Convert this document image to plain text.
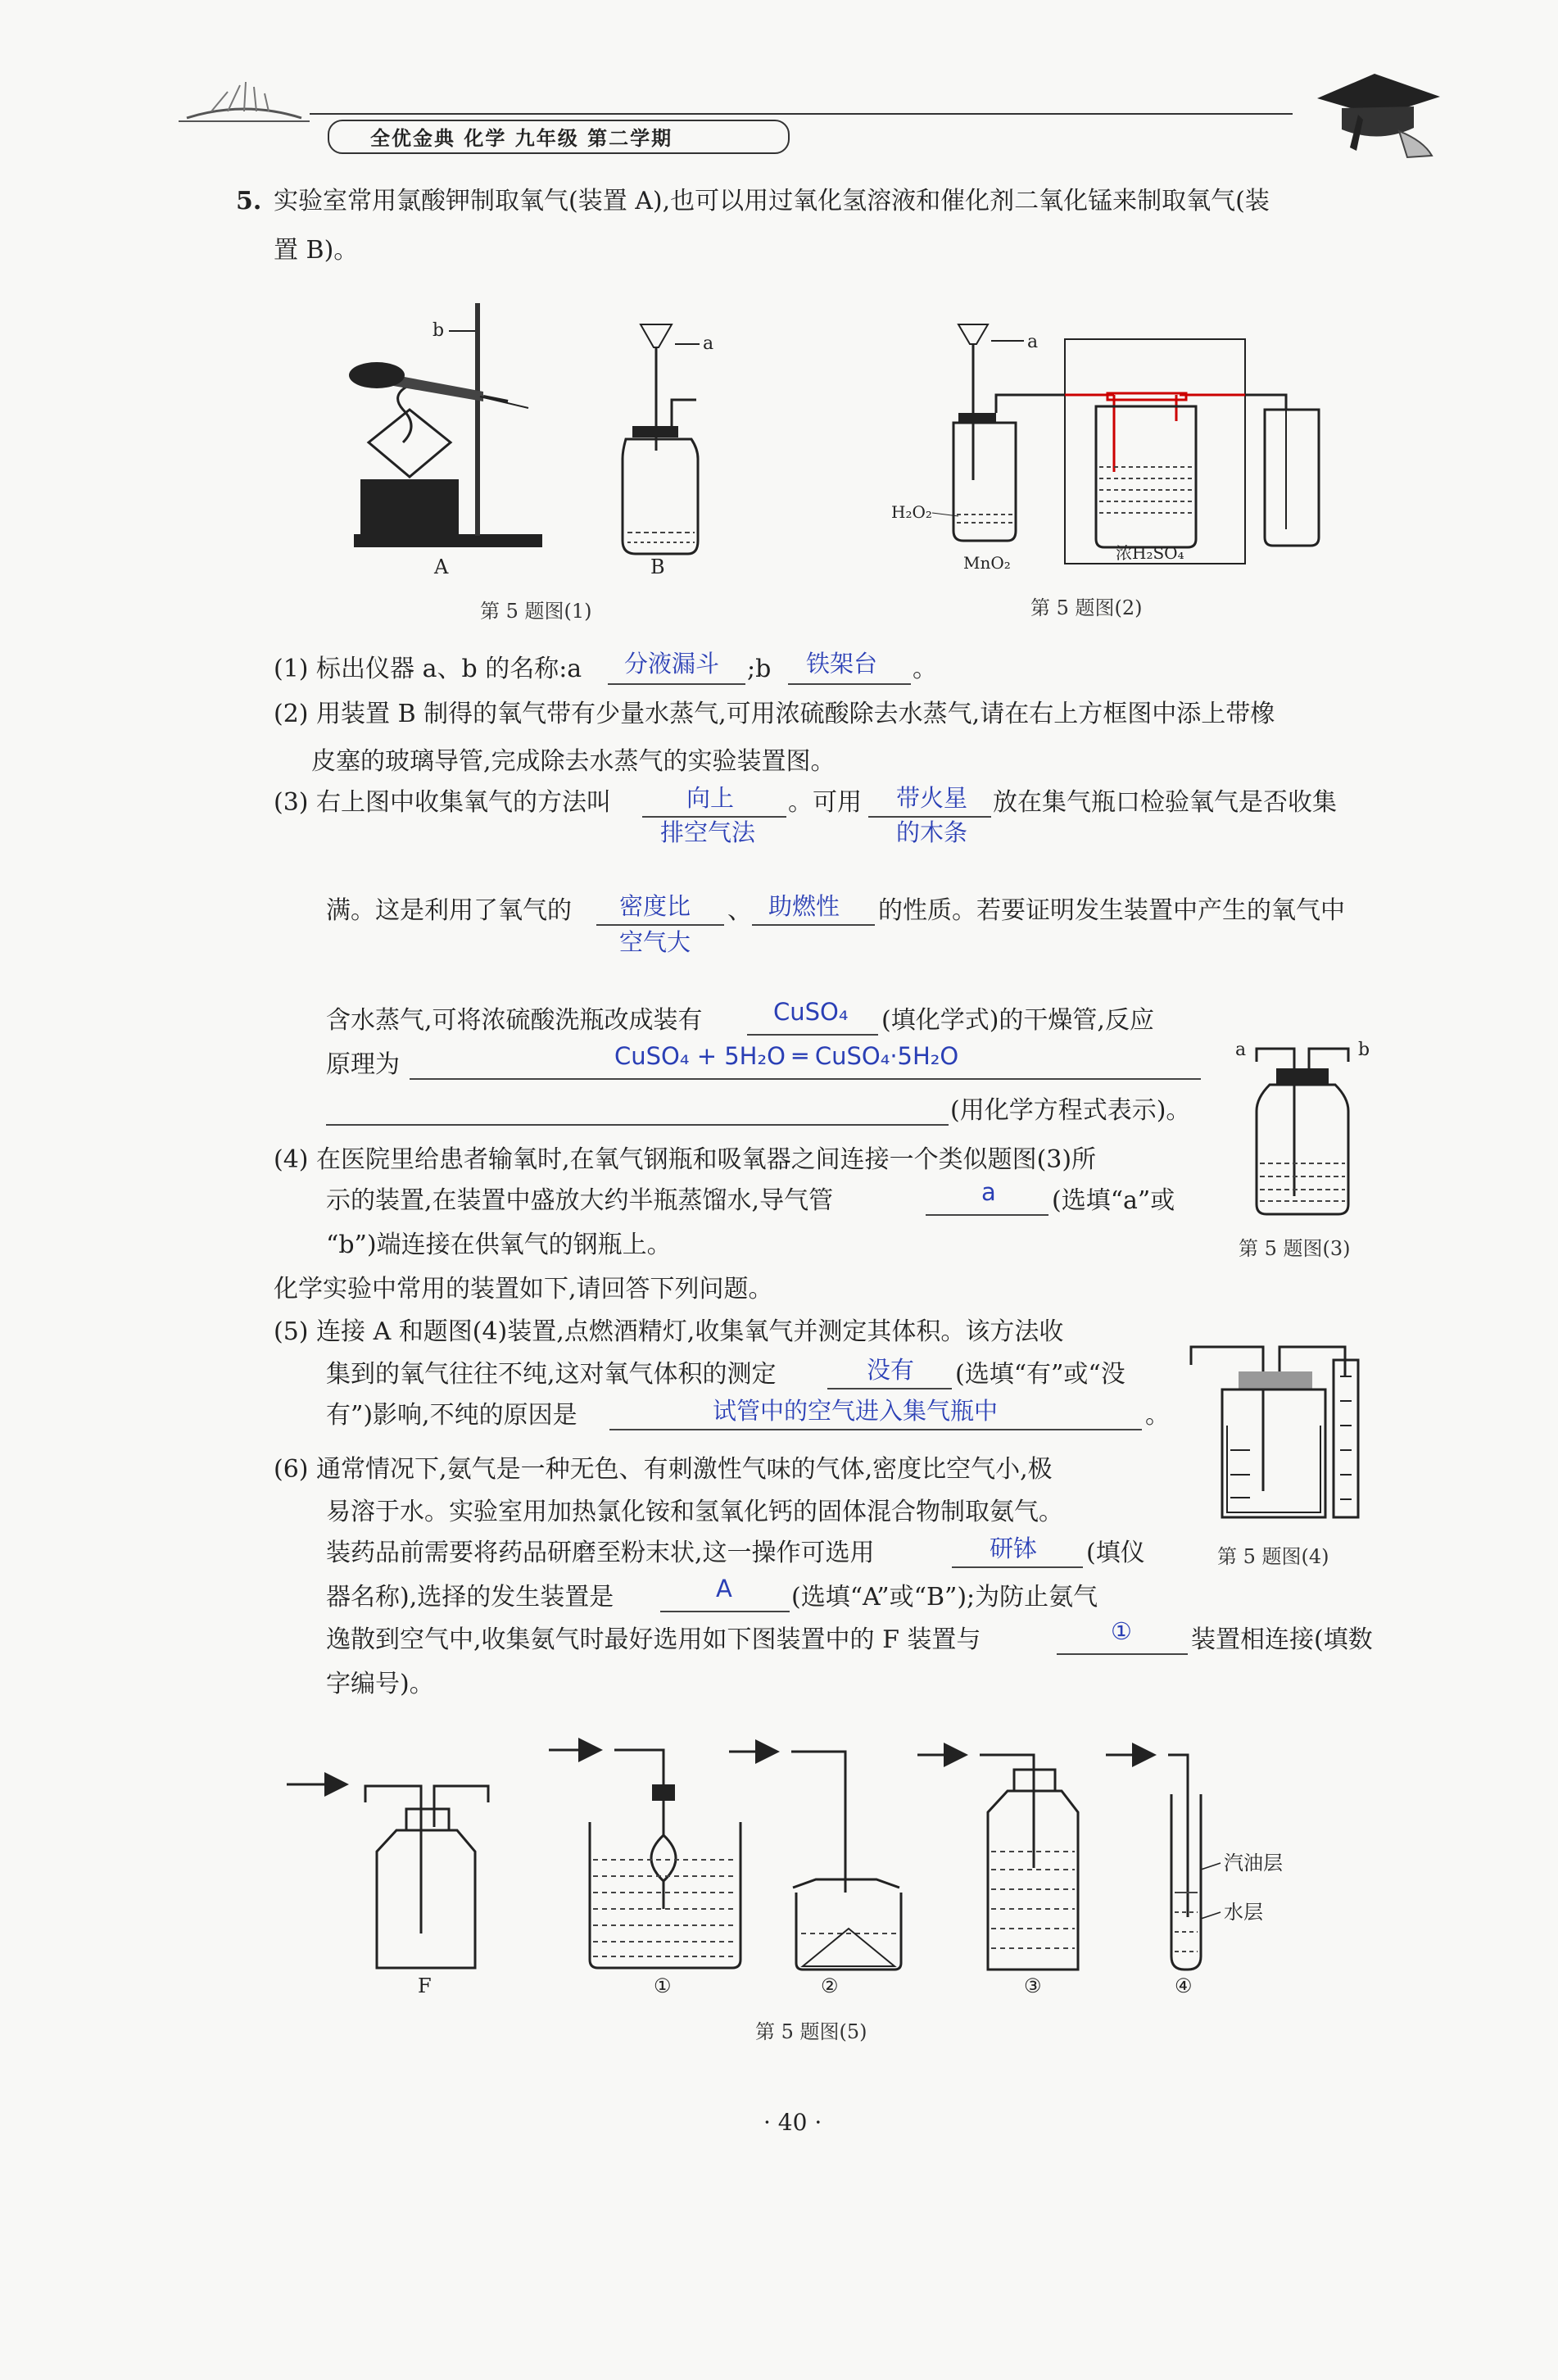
全优金典 化学 九年级 第二学期
5. 实验室常用氯酸钾制取氧气(装置 A),也可以用过氧化氢溶液和催化剂二氧化锰来制取氧气(装
置 B)。
b
A
a
B
第 5 题图(1)
a
H₂O₂
MnO₂	浓H₂SO₄
第 5 题图(2)
(1) 标出仪器 a、b 的名称:a 分液漏斗 ;b 铁架台 。
(2) 用装置 B 制得的氧气带有少量水蒸气,可用浓硫酸除去水蒸气,请在右上方框图中添上带橡
皮塞的玻璃导管,完成除去水蒸气的实验装置图。
(3) 右上图中收集氧气的方法叫	向上
排空气法
。可用 带火星
的木条
放在集气瓶口检验氧气是否收集
满。这是利用了氧气的 密度比
空气大
、 助燃性 的性质。若要证明发生装置中产生的氧气中
含水蒸气,可将浓硫酸洗瓶改成装有	CuSO₄ (填化学式)的干燥管,反应
原理为	CuSO₄ + 5H₂O ═ CuSO₄·5H₂O
(用化学方程式表示)。
a	b
第 5 题图(3)
(4) 在医院里给患者输氧时,在氧气钢瓶和吸氧器之间连接一个类似题图(3)所
示的装置,在装置中盛放大约半瓶蒸馏水,导气管	a (选填“a”或
“b”)端连接在供氧气的钢瓶上。
化学实验中常用的装置如下,请回答下列问题。
(5) 连接 A 和题图(4)装置,点燃酒精灯,收集氧气并测定其体积。该方法收
集到的氧气往往不纯,这对氧气体积的测定	没有 (选填“有”或“没
有”)影响,不纯的原因是	试管中的空气进入集气瓶中	。
第 5 题图(4)
(6) 通常情况下,氨气是一种无色、有刺激性气味的气体,密度比空气小,极
易溶于水。实验室用加热氯化铵和氢氧化钙的固体混合物制取氨气。
装药品前需要将药品研磨至粉末状,这一操作可选用	研钵 (填仪
器名称),选择的发生装置是	A (选填“A”或“B”);为防止氨气
逸散到空气中,收集氨气时最好选用如下图装置中的 F 装置与	① 装置相连接(填数
字编号)。
F	①	②	③
汽油层
水层
④
第 5 题图(5)
· 40 ·
